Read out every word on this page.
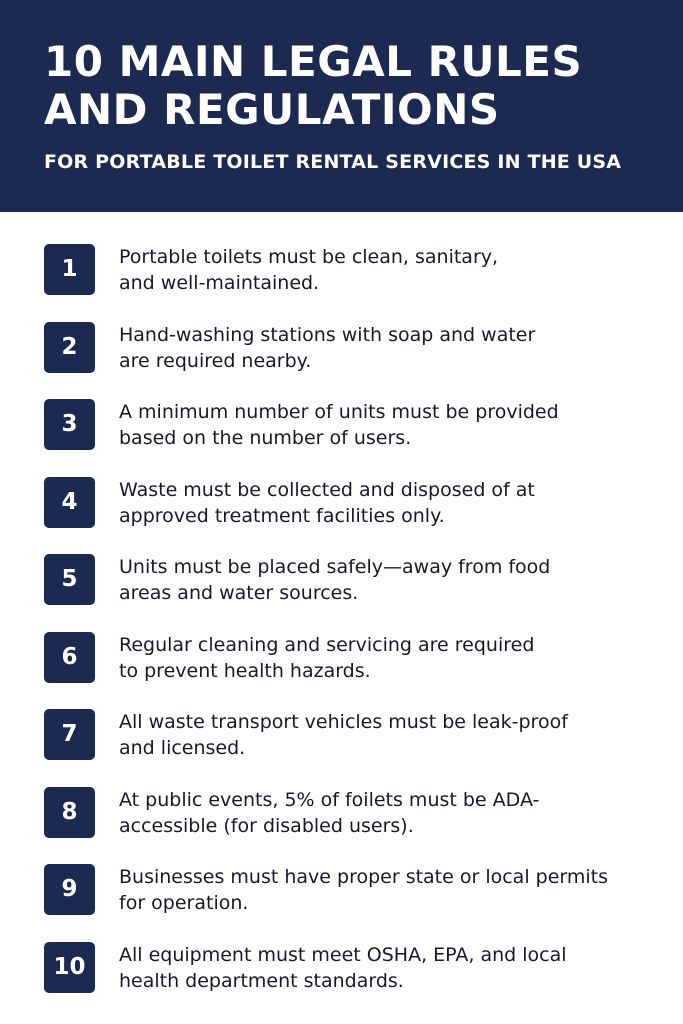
10 MAIN LEGAL RULES
AND REGULATIONS

FOR PORTABLE TOILET RENTAL SERVICES IN THE USA

1	Portable toilets must be clean, sanitary,
and well-maintained.

2	Hand-washing stations with soap and water
are required nearby.

3	A minimum number of units must be provided
based on the number of users.

4	Waste must be collected and disposed of at
approved treatment facilities only.

5	Units must be placed safely—away from food
areas and water sources.

6	Regular cleaning and servicing are required
to prevent health hazards.

7	All waste transport vehicles must be leak-proof
and licensed.

8	At public events, 5% of foilets must be ADA-
accessible (for disabled users).

9	Businesses must have proper state or local permits
for operation.

10	All equipment must meet OSHA, EPA, and local
health department standards.
